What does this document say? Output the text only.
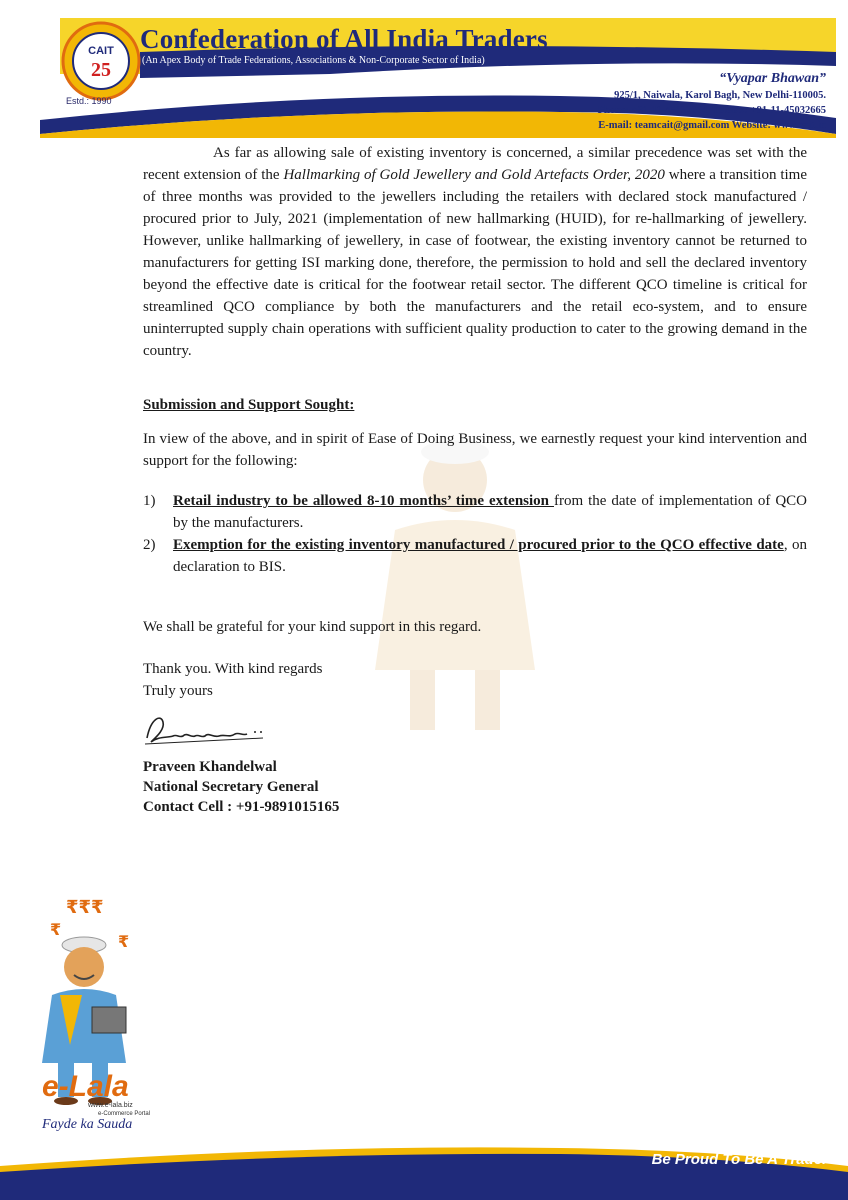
CAIT
25
Estd.: 1990
Confederation of All India Traders
(An Apex Body of Trade Federations, Associations & Non-Corporate Sector of India)
“Vyapar Bhawan”
925/1, Naiwala, Karol Bagh, New Delhi-110005.
Phone: +91-11-45032664, Telefax: +91-11-45032665
E-mail: teamcait@gmail.com Website: www.cait.in

As far as allowing sale of existing inventory is concerned, a similar precedence was set with the recent extension of the Hallmarking of Gold Jewellery and Gold Artefacts Order, 2020 where a transition time of three months was provided to the jewellers including the retailers with declared stock manufactured / procured prior to July, 2021 (implementation of new hallmarking (HUID), for re-hallmarking of jewellery. However, unlike hallmarking of jewellery, in case of footwear, the existing inventory cannot be returned to manufacturers for getting ISI marking done, therefore, the permission to hold and sell the declared inventory beyond the effective date is critical for the footwear retail sector. The different QCO timeline is critical for streamlined QCO compliance by both the manufacturers and the retail eco-system, and to ensure uninterrupted supply chain operations with sufficient quality production to cater to the growing demand in the country.

Submission and Support Sought:

In view of the above, and in spirit of Ease of Doing Business, we earnestly request your kind intervention and support for the following:

1)	Retail industry to be allowed 8-10 months’ time extension from the date of implementation of QCO by the manufacturers.
2)	Exemption for the existing inventory manufactured / procured prior to the QCO effective date, on declaration to BIS.

We shall be grateful for your kind support in this regard.

Thank you. With kind regards

Truly yours

Praveen Khandelwal
National Secretary General
Contact Cell : +91-9891015165
₹₹₹
₹
₹
e-Lala
www.e-lala.biz
e-Commerce Portal
Fayde ka Sauda
Be Proud To Be A Trader
